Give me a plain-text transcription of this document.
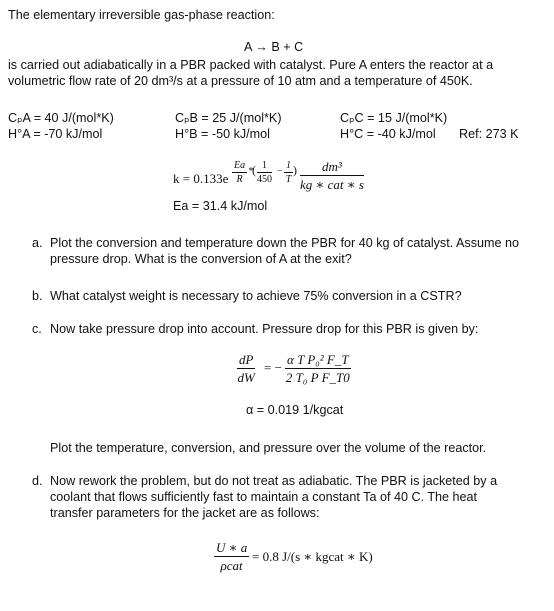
The elementary irreversible gas-phase reaction:
A → B + C
is carried out adiabatically in a PBR packed with catalyst. Pure A enters the reactor at a
volumetric flow rate of 20 dm³/s at a pressure of 10 atm and a temperature of 450K.
CₚA = 40 J/(mol*K)
H°A = -70 kJ/mol
CₚB = 25 J/(mol*K)
H°B = -50 kJ/mol
CₚC = 15 J/(mol*K)
H°C = -40 kJ/mol Ref: 273 K
$k = 0.133e \frac{Ea}{R}$ * ( $\frac{1}{450} - \frac{1}{T}$ )	dm³
kg ∗ cat ∗ s
Ea = 31.4 kJ/mol
a. Plot the conversion and temperature down the PBR for 40 kg of catalyst. Assume no
pressure drop. What is the conversion of A at the exit?
b. What catalyst weight is necessary to achieve 75% conversion in a CSTR?
c. Now take pressure drop into account. Pressure drop for this PBR is given by:
$\frac{dP}{dW}$ = − $\frac{\text{α T P₀² F\_T}}{\text{2 T₀ P F\_T0}}$
α = 0.019 1/kgcat
Plot the temperature, conversion, and pressure over the volume of the reactor.
d. Now rework the problem, but do not treat as adiabatic. The PBR is jacketed by a
coolant that flows sufficiently fast to maintain a constant Ta of 40 C. The heat
transfer parameters for the jacket are as follows:
U ∗ a
ρcat
= 0.8 J/(s ∗ kgcat ∗ K)
